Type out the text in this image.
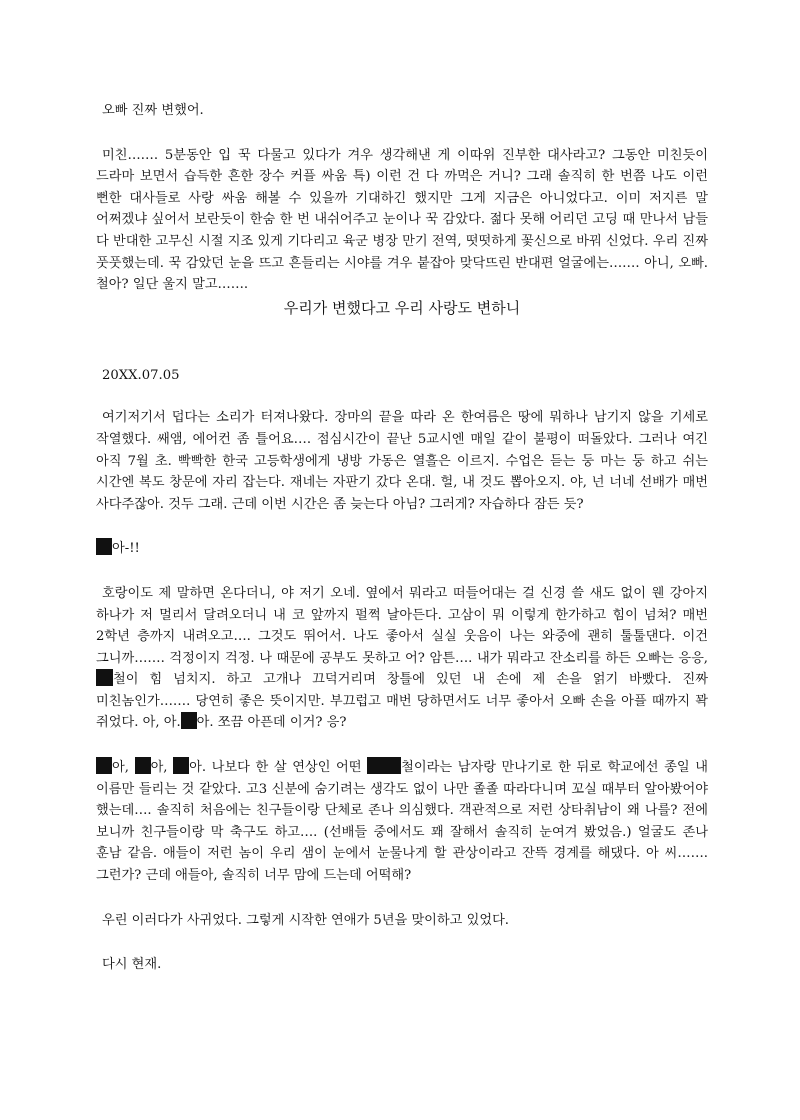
오빠 진짜 변했어.

미친……. 5분동안 입 꾹 다물고 있다가 겨우 생각해낸 게 이따위 진부한 대사라고? 그동안 미친듯이 드라마 보면서 습득한 흔한 장수 커플 싸움 특) 이런 건 다 까먹은 거니? 그래 솔직히 한 번쯤 나도 이런 뻔한 대사들로 사랑 싸움 해볼 수 있을까 기대하긴 했지만 그게 지금은 아니었다고. 이미 저지른 말 어쩌겠냐 싶어서 보란듯이 한숨 한 번 내쉬어주고 눈이나 꾹 감았다. 젊다 못해 어리던 고딩 때 만나서 남들 다 반대한 고무신 시절 지조 있게 기다리고 육군 병장 만기 전역, 떳떳하게 꽃신으로 바꿔 신었다. 우리 진짜 풋풋했는데. 꾹 감았던 눈을 뜨고 흔들리는 시야를 겨우 붙잡아 맞닥뜨린 반대편 얼굴에는……. 아니, 오빠. 철아? 일단 울지 말고…….

우리가 변했다고 우리 사랑도 변하니

20XX.07.05

여기저기서 덥다는 소리가 터져나왔다. 장마의 끝을 따라 온 한여름은 땅에 뭐하나 남기지 않을 기세로 작열했다. 쌔앰, 에어컨 좀 틀어요…. 점심시간이 끝난 5교시엔 매일 같이 불평이 떠돌았다. 그러나 여긴 아직 7월 초. 빡빡한 한국 고등학생에게 냉방 가동은 열흘은 이르지. 수업은 듣는 둥 마는 둥 하고 쉬는 시간엔 복도 창문에 자리 잡는다. 재네는 자판기 갔다 온대. 헐, 내 것도 뽑아오지. 야, 넌 너네 선배가 매번 사다주잖아. 것두 그래. 근데 이번 시간은 좀 늦는다 아님? 그러게? 자습하다 잠든 듯?

아-!!

호랑이도 제 말하면 온다더니, 야 저기 오네. 옆에서 뭐라고 떠들어대는 걸 신경 쓸 새도 없이 웬 강아지 하나가 저 멀리서 달려오더니 내 코 앞까지 펄쩍 날아든다. 고삼이 뭐 이렇게 한가하고 힘이 넘쳐? 매번 2학년 층까지 내려오고…. 그것도 뛰어서. 나도 좋아서 실실 웃음이 나는 와중에 괜히 툴툴댄다. 이건 그니까……. 걱정이지 걱정. 나 때문에 공부도 못하고 어? 암튼…. 내가 뭐라고 잔소리를 하든 오빠는 응응, 철이 힘 넘치지. 하고 고개나 끄덕거리며 창틀에 있던 내 손에 제 손을 얽기 바빴다. 진짜 미친놈인가……. 당연히 좋은 뜻이지만. 부끄럽고 매번 당하면서도 너무 좋아서 오빠 손을 아플 때까지 꽉 쥐었다. 아, 아. 아. 쪼끔 아픈데 이거? 응?

아, 아, 아. 나보다 한 살 연상인 어떤	철이라는 남자랑 만나기로 한 뒤로 학교에선 종일 내 이름만 들리는 것 같았다. 고3 신분에 숨기려는 생각도 없이 나만 졸졸 따라다니며 꼬실 때부터 알아봤어야 했는데…. 솔직히 처음에는 친구들이랑 단체로 존나 의심했다. 객관적으로 저런 상타취남이 왜 나를? 전에 보니까 친구들이랑 막 축구도 하고…. (선배들 중에서도 꽤 잘해서 솔직히 눈여겨 봤었음.) 얼굴도 존나 훈남 같음. 애들이 저런 놈이 우리 샘이 눈에서 눈물나게 할 관상이라고 잔뜩 경계를 해댔다. 아 씨……. 그런가? 근데 애들아, 솔직히 너무 맘에 드는데 어떡해?

우린 이러다가 사귀었다. 그렇게 시작한 연애가 5년을 맞이하고 있었다.

다시 현재.
